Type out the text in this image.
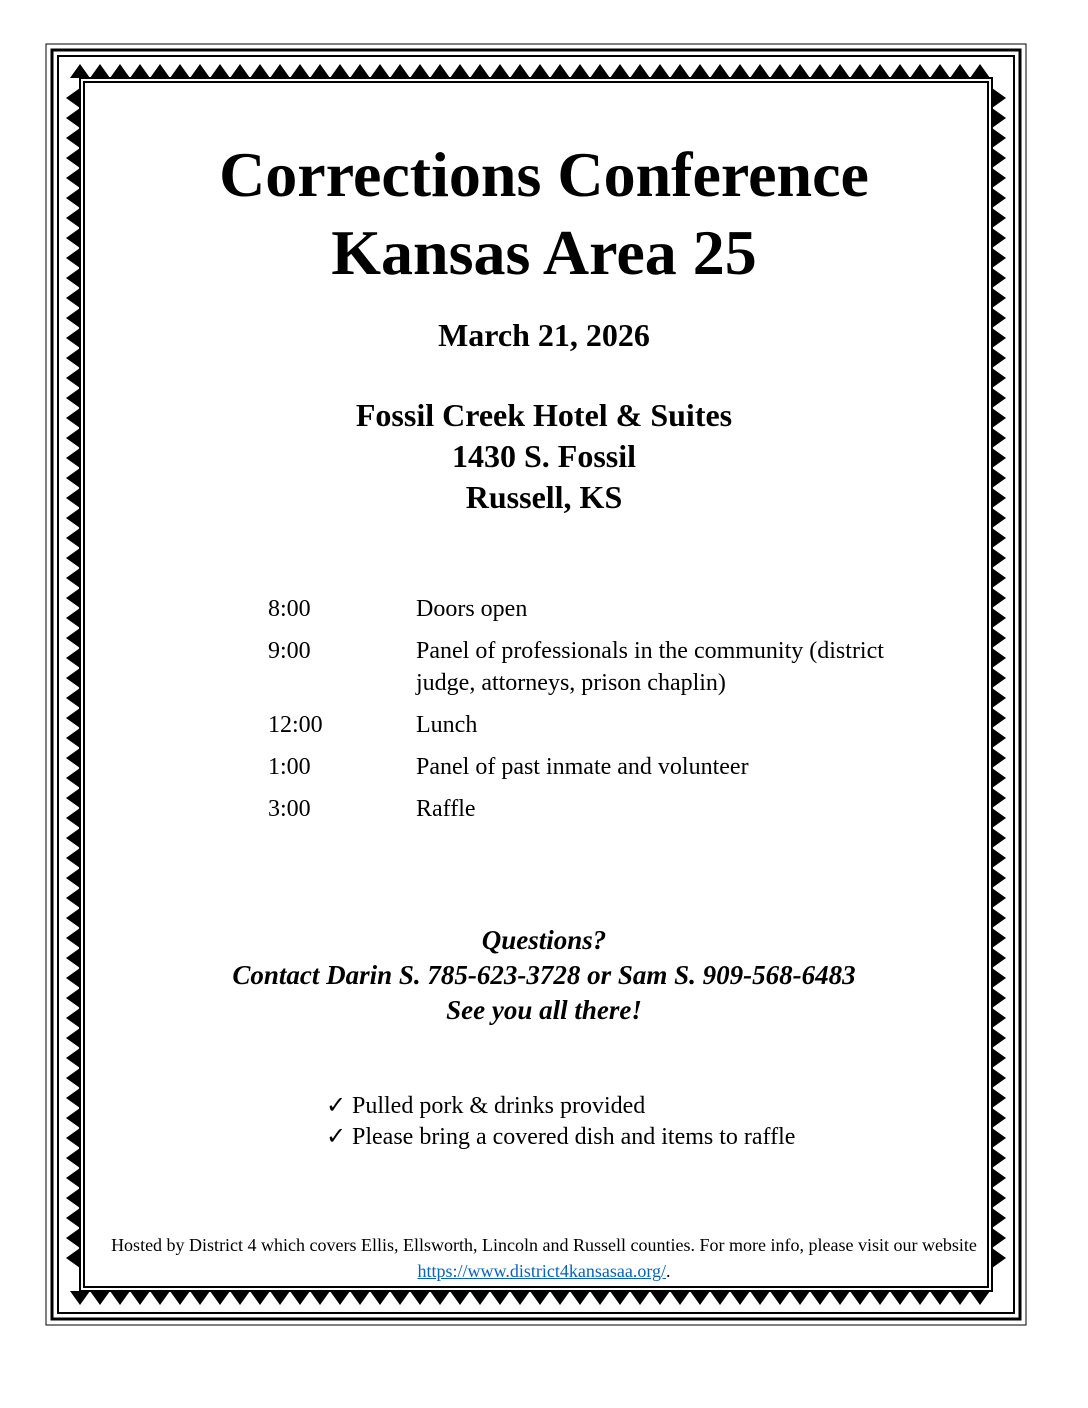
Corrections Conference
Kansas Area 25
March 21, 2026
Fossil Creek Hotel & Suites
1430 S. Fossil
Russell, KS
8:00	Doors open
9:00	Panel of professionals in the community (district judge, attorneys, prison chaplin)
12:00	Lunch
1:00	Panel of past inmate and volunteer
3:00	Raffle
Questions?
Contact Darin S. 785-623-3728 or Sam S. 909-568-6483
See you all there!
✓ Pulled pork & drinks provided
✓ Please bring a covered dish and items to raffle
Hosted by District 4 which covers Ellis, Ellsworth, Lincoln and Russell counties. For more info, please visit our website https://www.district4kansasaa.org/.
